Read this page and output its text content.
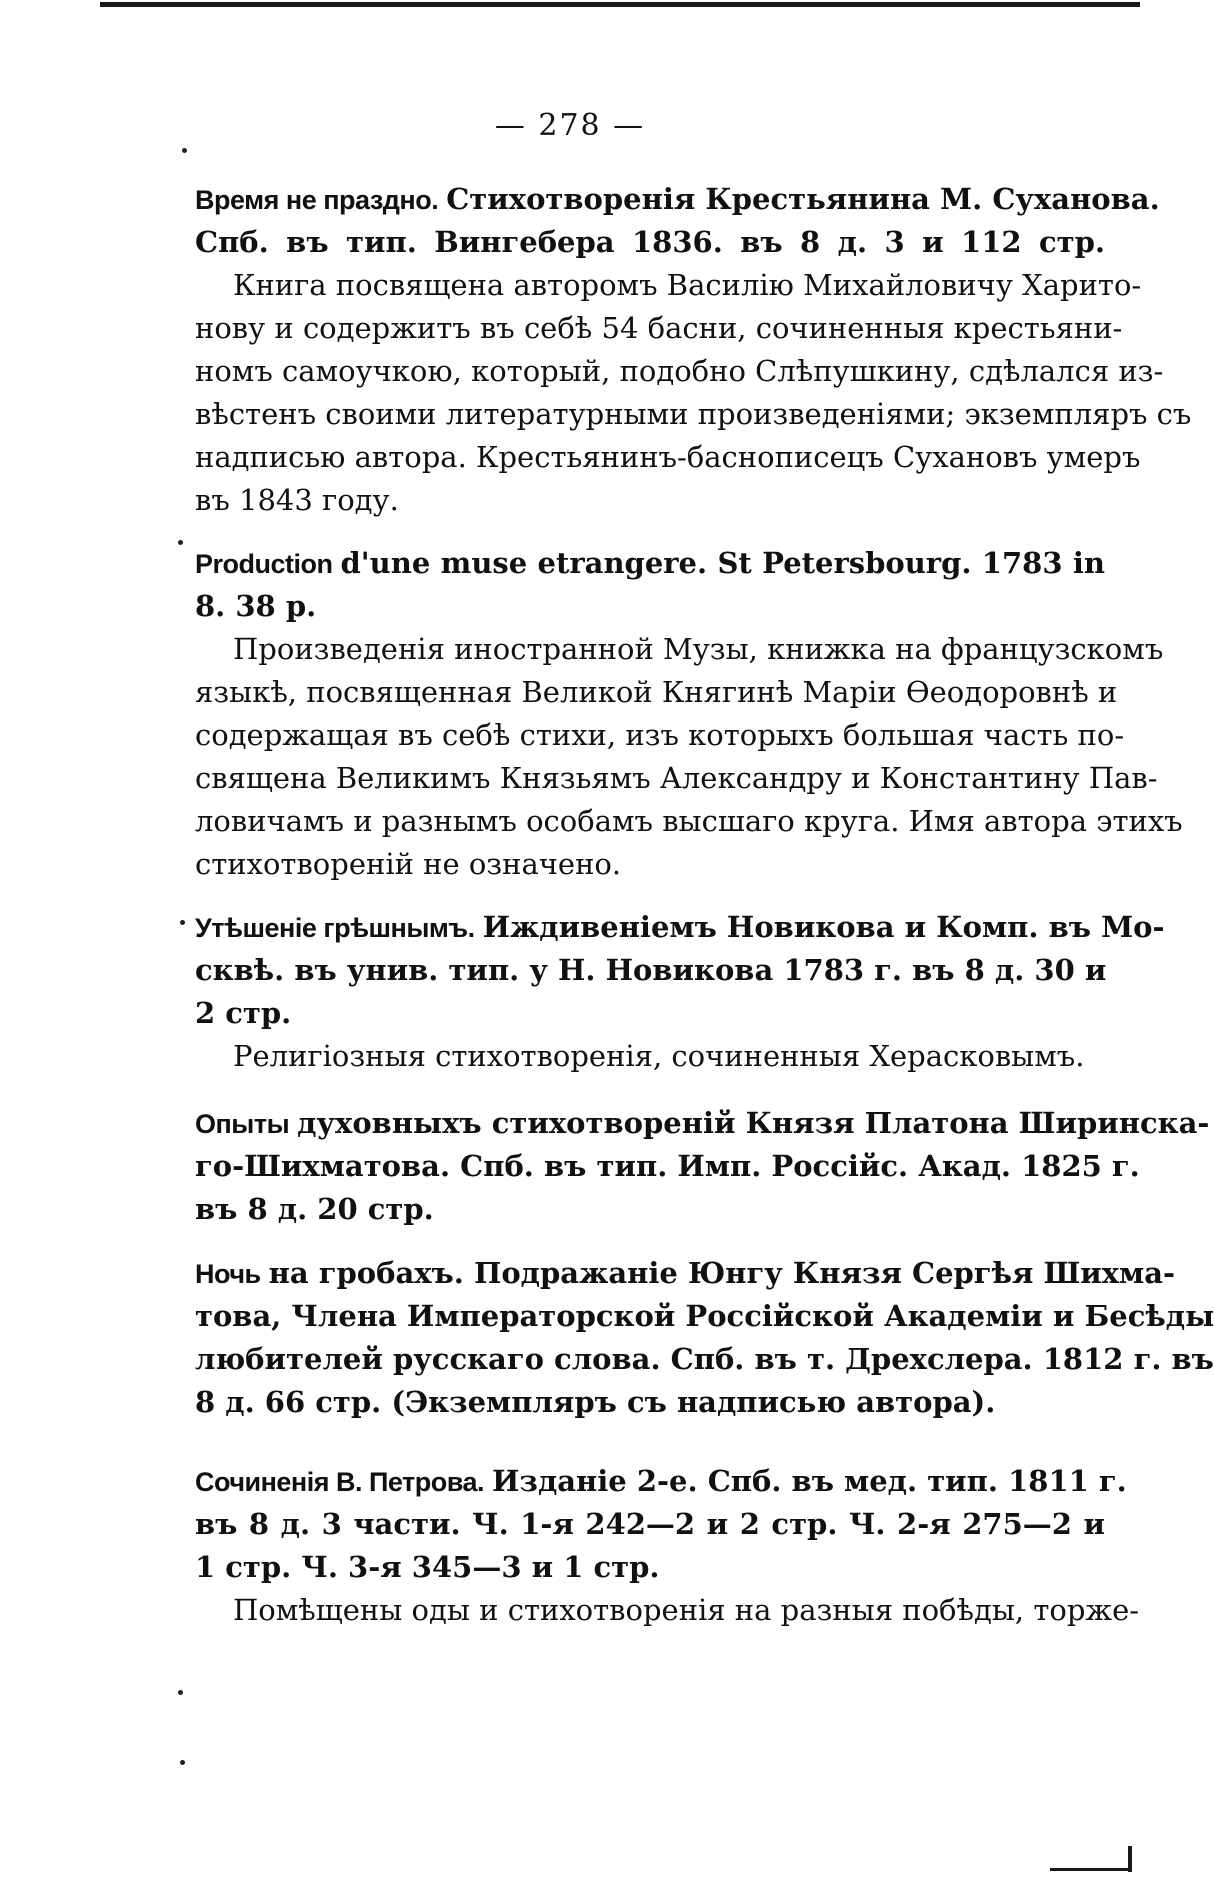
— 278 —
Время не праздно. Стихотворенія Крестьянина М. Суханова.
Спб. въ тип. Вингебера 1836. въ 8 д. 3 и 112 стр.
Книга посвящена авторомъ Василію Михайловичу Харито-
нову и содержитъ въ себѣ 54 басни, сочиненныя крестьяни-
номъ самоучкою, который, подобно Слѣпушкину, сдѣлался из-
вѣстенъ своими литературными произведеніями; экземпляръ съ
надписью автора. Крестьянинъ-баснописецъ Сухановъ умеръ
въ 1843 году.
Production d'une muse etrangere. St Petersbourg. 1783 in
8. 38 p.
Произведенія иностранной Музы, книжка на французскомъ
языкѣ, посвященная Великой Княгинѣ Маріи Ѳеодоровнѣ и
содержащая въ себѣ стихи, изъ которыхъ большая часть по-
священа Великимъ Князьямъ Александру и Константину Пав-
ловичамъ и разнымъ особамъ высшаго круга. Имя автора этихъ
стихотвореній не означено.
Утѣшеніе грѣшнымъ. Иждивеніемъ Новикова и Комп. въ Мо-
сквѣ. въ унив. тип. у Н. Новикова 1783 г. въ 8 д. 30 и
2 стр.
Религіозныя стихотворенія, сочиненныя Херасковымъ.
Опыты духовныхъ стихотвореній Князя Платона Ширинска-
го-Шихматова. Спб. въ тип. Имп. Россійс. Акад. 1825 г.
въ 8 д. 20 стр.
Ночь на гробахъ. Подражаніе Юнгу Князя Сергѣя Шихма-
това, Члена Императорской Россійской Академіи и Бесѣды
любителей русскаго слова. Спб. въ т. Дрехслера. 1812 г. въ
8 д. 66 стр. (Экземпляръ съ надписью автора).
Сочиненія В. Петрова. Изданіе 2-е. Спб. въ мед. тип. 1811 г.
въ 8 д. 3 части. Ч. 1-я 242—2 и 2 стр. Ч. 2-я 275—2 и
1 стр. Ч. 3-я 345—3 и 1 стр.
Помѣщены оды и стихотворенія на разныя побѣды, торже-
